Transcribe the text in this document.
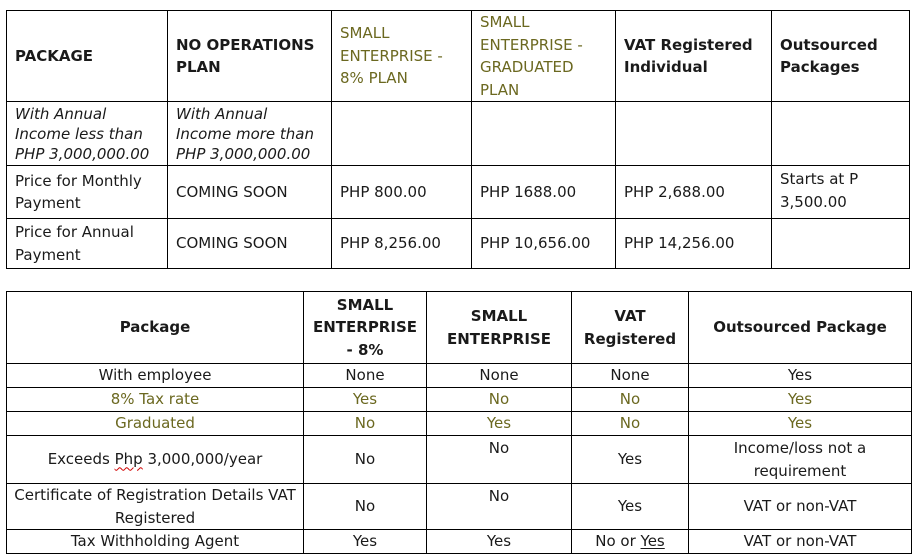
PACKAGE	NO OPERATIONS PLAN	SMALL ENTERPRISE - 8% PLAN	SMALL ENTERPRISE - GRADUATED PLAN	VAT Registered Individual	Outsourced Packages
With Annual Income less than PHP 3,000,000.00	With Annual Income more than PHP 3,000,000.00				
Price for Monthly Payment	COMING SOON	PHP 800.00	PHP 1688.00	PHP 2,688.00	Starts at P 3,500.00
Price for Annual Payment	COMING SOON	PHP 8,256.00	PHP 10,656.00	PHP 14,256.00	
Package	SMALL ENTERPRISE - 8%	SMALL ENTERPRISE	VAT Registered	Outsourced Package
With employee	None	None	None	Yes
8% Tax rate	Yes	No	No	Yes
Graduated	No	Yes	No	Yes
Exceeds Php 3,000,000/year	No	No	Yes	Income/loss not a requirement
Certificate of Registration Details VAT Registered	No	No	Yes	VAT or non-VAT
Tax Withholding Agent	Yes	Yes	No or Yes	VAT or non-VAT
